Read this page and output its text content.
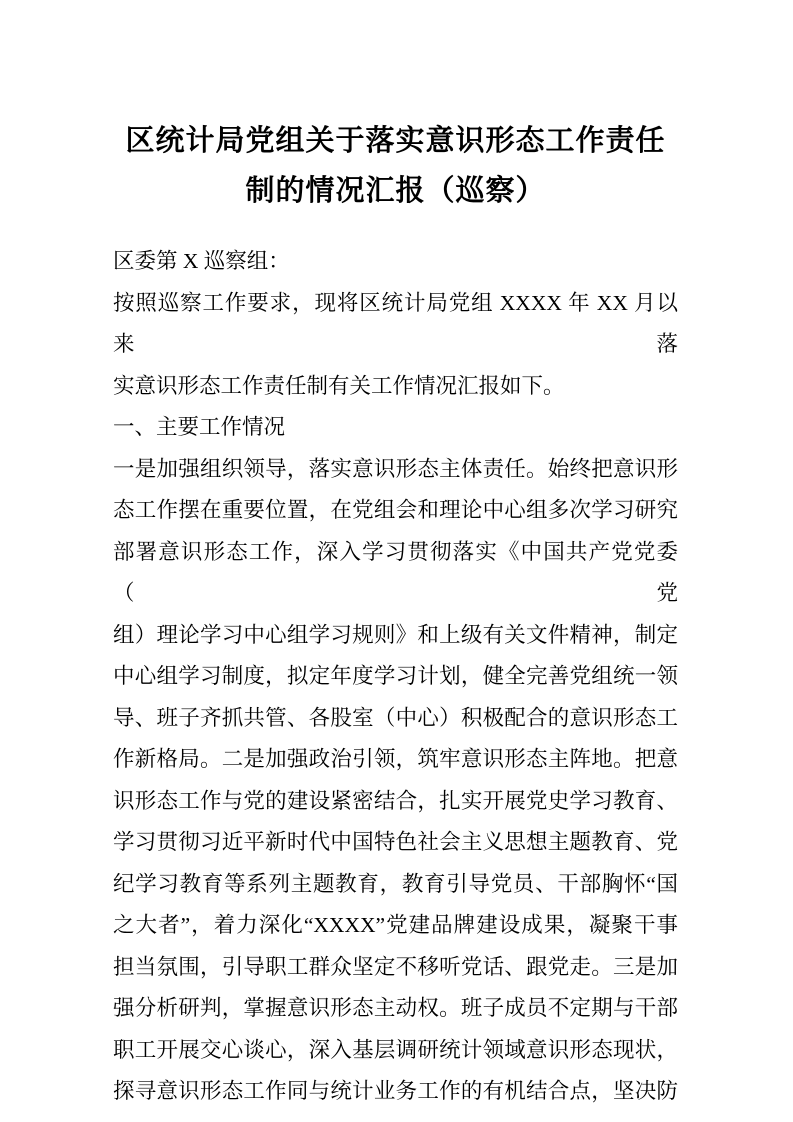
区统计局党组关于落实意识形态工作责任
制的情况汇报（巡察）

区委第 X 巡察组：

按照巡察工作要求，现将区统计局党组 XXXX 年 XX 月以来落

实意识形态工作责任制有关工作情况汇报如下。

一、主要工作情况

一是加强组织领导，落实意识形态主体责任。始终把意识形

态工作摆在重要位置，在党组会和理论中心组多次学习研究

部署意识形态工作，深入学习贯彻落实《中国共产党党委（党

组）理论学习中心组学习规则》和上级有关文件精神，制定

中心组学习制度，拟定年度学习计划，健全完善党组统一领

导、班子齐抓共管、各股室（中心）积极配合的意识形态工

作新格局。二是加强政治引领，筑牢意识形态主阵地。把意

识形态工作与党的建设紧密结合，扎实开展党史学习教育、

学习贯彻习近平新时代中国特色社会主义思想主题教育、党

纪学习教育等系列主题教育，教育引导党员、干部胸怀“国

之大者”，着力深化“XXXX”党建品牌建设成果，凝聚干事

担当氛围，引导职工群众坚定不移听党话、跟党走。三是加

强分析研判，掌握意识形态主动权。班子成员不定期与干部

职工开展交心谈心，深入基层调研统计领域意识形态现状，

探寻意识形态工作同与统计业务工作的有机结合点，坚决防
